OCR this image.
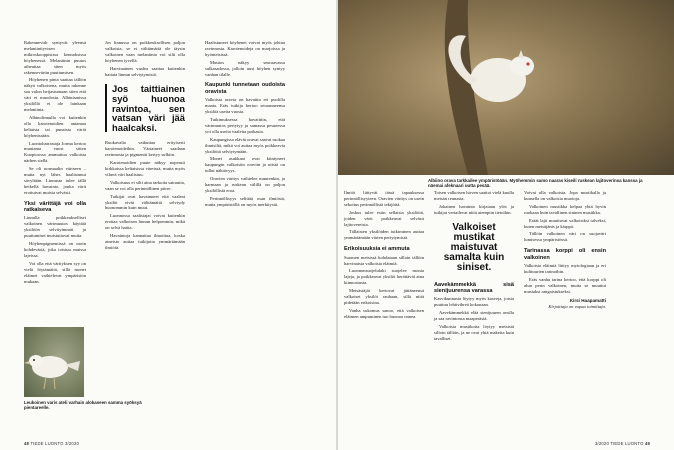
Rakennevirh syntyvät yleensä melaniinityvisen mikroskooppisissa kennoksissa höyhenessä. Melaniinin puutos aiheuttaa siten myös rakenneväriin puuttumisen.

Höyhenen pinta saattaa tällöin näkyä valkoisena, mutta rakenne saa valon heijastumaan siten että väri ei muodostu. Albinismissa yksilöllä ei ole lainkaan melaniinia.

Albinolinnulla voi kuitenkin olla karotenoidien antamaa keltaista tai punaista väriä höyhenissään.

Luontoharrastaja Jorma kertoo muutama vuosi sitten Kuopioossa ammuttua valkoista närhen siellä.

Se oli normaalin väriseen – mutta nyt lähes haalistunut sävyltään. Linnusta tulee tällä hetkellä havainto, jonka värit erottuivat muista selvästi.

Yksi värittäjä voi olla ratkaiseva

Linnulla poikkeukselliset valkoinen värimuutos käyttää yksilöön selvityimmät ja puuttumiset muistuttavat muita.

Höyhenpigmentissä on usein hohdeväriä, joka toistuu muissa lajeissa.

Voi olla että värityksen syy on vielä löytämättä, sillä monet eläimet vaihtelevat ympäristön mukaan.

Leukoinen varis ateli varhain alokaseen samma syöksyä pientareelle.

Jos linnussa on poikkeuksellisen paljon valkoista, se ei välttämättä ole täysin valkoinen vaan melaniinia voi silti olla höyhenen tyvellä.

Harvinainen vaalea saattaa kuitenkin haitata linnun selviytymistä.

Jos taittiainen syö huonoa ravintoa, sen vatsan väri jää haalcaksi.

Ruokavalio vaikuttaa erityisesti karotenoideihin. Väriaineet saadaan ravinnosta ja pigmentti kertyy sulkiin.

Karotenoidien puute näkyy nopeasti kirkkaissa keltaisissa väreissä, mutta myös vihreä väri haalistuu.

Valkoisuus ei silti aina tarkoita sairautta, vaan se voi olla perinnöllinen piirre.

Tutkijat ovat havainneet että vaaleat yksilöt eivät välttämättä selviydy huonommin kuin muut.

Luonnossa saalistajat voivat kuitenkin erottaa valkoisen linnun helpommin, mikä on selvä haitta.

Havaintoja kannattaa ilmoittaa, koska aineisto auttaa tutkijoita ymmärtämään ilmiötä.

Haalistuneet höyhenet voivat myös johtua ravinnosta. Karotenoideja on marjoissa ja hyönteisissä.

Muutos näkyy seuraavassa sulkasadossa, jolloin uusi höyhen syntyy vanhan tilalle.

Kaupunki tunnetaan oudoista oravista

Valkoisia oravia on havaittu eri puolilla maata. Eräs tutkija kertoo seuranneensa yksilöä useita vuosia.

Tutkimuksessa havaittiin, että värimuutos periytyy ja samassa pesueessa voi olla useita vaaleita poikasia.

Kaupungissa elävät oravat saavat ruokaa ihmisiltä, mikä voi auttaa myös poikkeavia yksilöitä selviytymään.

Monet asukkaat ovat kiintyneet kaupungin valkoisiin oraviin ja niistä on tullut nähtävyys.

Oravien väritys vaihtelee muutenkin, ja harmaan ja ruskean välillä on paljon yksilöllistä eroa.

Perinnöllisyys selittää osan ilmiöstä, mutta ympäristöllä on myös merkitystä.

48 TIEDE LUONTO 3/2020
Albiino orava tarkkailee ympäristöään. Myöhemmin samo naaras kiseili ruskean lajitoverinsa kanssa ja näemai afeknaari uutta pesää.

Ilmiöt liittyvät tässä tapauksessa perinnöllisyyteen. Oravien väritys on usein sekoitus perinnöllisiä tekijöitä.

Joskus tulee esiin sellaisia yksilöitä, joiden värit poikkeavat selvästi lajitovereista.

Tällaisten yksilöiden tutkiminen auttaa ymmärtämään värien periytymistä.

Erikoisuuksia ei ammuta

Suomen metsissä kohdataan silloin tällöin harvinaisia valkoisia eläimiä.

Luonnonsuojelulaki suojelee monia lajeja, ja poikkeavat yksilöt herättävät aina kiinnostusta.

Metsästäjät kertovat jättäneensä valkoiset yksilöt rauhaan, sillä niitä pidetään erikoisina.

Vanha uskomus sanoo, että valkoisen eläimen ampuminen tuo huonoa onnea.

Toisen valkoisen hirven saattoi vielä kuulla metsän reunasta.

Jokainen havainto kirjataan ylös ja tutkijat vertailevat niitä aiempiin tietoihin.

Valkoiset mustikat maistuvat samalta kuin siniset.
Aavekämmekkä sisä sienijuurensa varassa

Kasvikunnasta löytyy myös kasveja, joista puuttuu lehtivihreä kokonaan.

Aavekämmekkä elää sienijuuren avulla ja saa ravintonsa maaperästä.

Valkoisia mustikoita löytyy metsistä silloin tällöin, ja ne ovat yhtä makeita kuin tavalliset.

Voivat olla valkoisia. Jopa mustikalla ja kuusella on valkoisia muotoja.

Valkoinen mustikka kelpaa yhtä hyvin ruokaan kuin tavallinen sininen mustikka.

Eräät lajit muuttuvat valkoisiksi talveksi, kuten metsäjänis ja kärppä.

Tällöin valkoinen väri on suojaväri lumisessa ympäristössä.

Tarinassa korppi oli ensin valkoinen

Valkoisia eläimiä liittyy mytologiaan ja eri kulttuurien tarinoihin.

Eräs vanha tarina kertoo, että korppi oli alun perin valkoinen, mutta se muuttui mustaksi rangaistukseksi.

Kirsi Haapamatti
Kirjoittaja on vapaa toimittaja.
3/2020 TIEDE LUONTO 49
